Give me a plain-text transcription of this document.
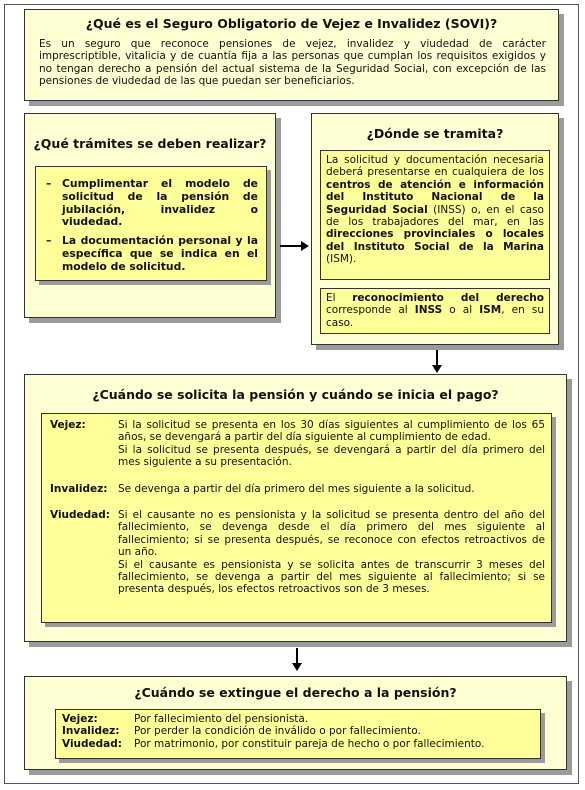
¿Qué es el Seguro Obligatorio de Vejez e Invalidez (SOVI)?
Es un seguro que reconoce pensiones de vejez, invalidez y viudedad de carácter imprescriptible, vitalicia y de cuantía fija a las personas que cumplan los requisitos exigidos y no tengan derecho a pensión del actual sistema de la Seguridad Social, con excepción de las pensiones de viudedad de las que puedan ser beneficiarios.
¿Qué trámites se deben realizar?
– Cumplimentar el modelo de solicitud de la pensión de jubilación, invalidez o viudedad.
– La documentación personal y la específica que se indica en el modelo de solicitud.
¿Dónde se tramita?
La solicitud y documentación necesaria deberá presentarse en cualquiera de los centros de atención e información del Instituto Nacional de la Seguridad Social (INSS) o, en el caso de los trabajadores del mar, en las direcciones provinciales o locales del Instituto Social de la Marina (ISM).
El reconocimiento del derecho corresponde al INSS o al ISM, en su caso.
¿Cuándo se solicita la pensión y cuándo se inicia el pago?
Vejez:	Si la solicitud se presenta en los 30 días siguientes al cumplimiento de los 65 años, se devengará a partir del día siguiente al cumplimiento de edad.
Si la solicitud se presenta después, se devengará a partir del día primero del mes siguiente a su presentación.
Invalidez:	Se devenga a partir del día primero del mes siguiente a la solicitud.
Viudedad: Si el causante no es pensionista y la solicitud se presenta dentro del año del fallecimiento, se devenga desde el día primero del mes siguiente al fallecimiento; si se presenta después, se reconoce con efectos retroactivos de un año.
Si el causante es pensionista y se solicita antes de transcurrir 3 meses del fallecimiento, se devenga a partir del mes siguiente al fallecimiento; si se presenta después, los efectos retroactivos son de 3 meses.
¿Cuándo se extingue el derecho a la pensión?
Vejez:	Por fallecimiento del pensionista.
Invalidez:	Por perder la condición de inválido o por fallecimiento.
Viudedad:	Por matrimonio, por constituir pareja de hecho o por fallecimiento.
